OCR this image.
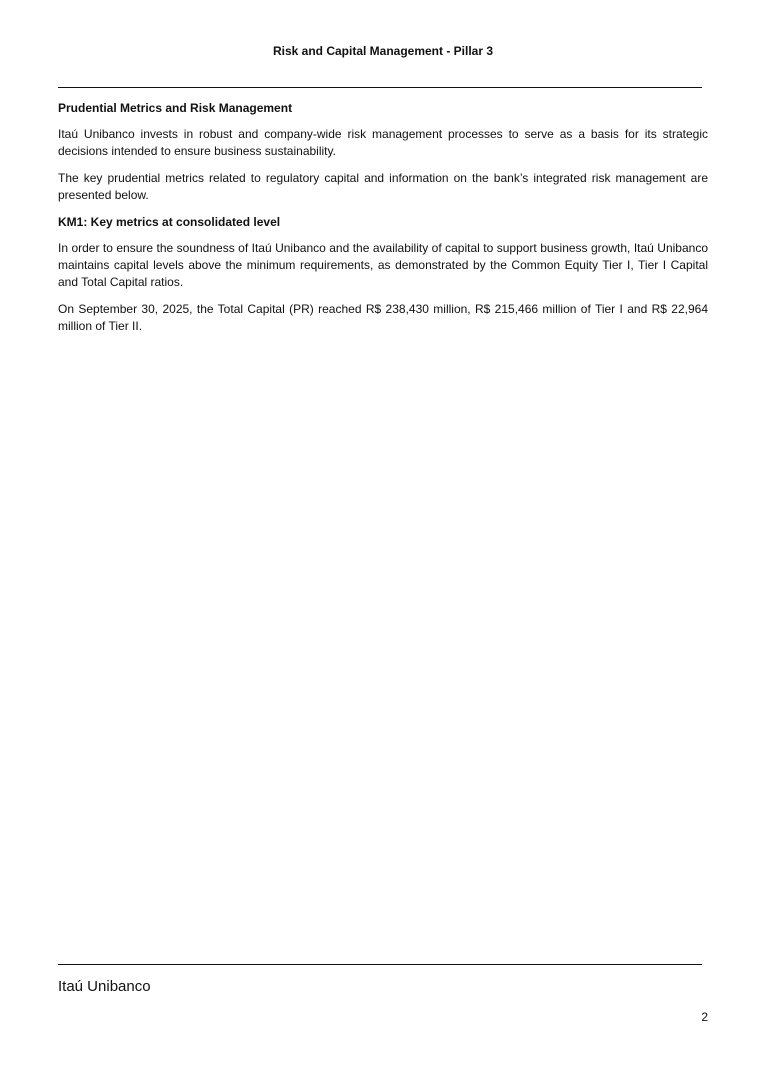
Risk and Capital Management - Pillar 3
Prudential Metrics and Risk Management

Itaú Unibanco invests in robust and company-wide risk management processes to serve as a basis for its strategic decisions intended to ensure business sustainability.

The key prudential metrics related to regulatory capital and information on the bank’s integrated risk management are presented below.

KM1: Key metrics at consolidated level

In order to ensure the soundness of Itaú Unibanco and the availability of capital to support business growth, Itaú Unibanco maintains capital levels above the minimum requirements, as demonstrated by the Common Equity Tier I, Tier I Capital and Total Capital ratios.

On September 30, 2025, the Total Capital (PR) reached R$ 238,430 million, R$ 215,466 million of Tier I and R$ 22,964 million of Tier II.

Itaú Unibanco
2
